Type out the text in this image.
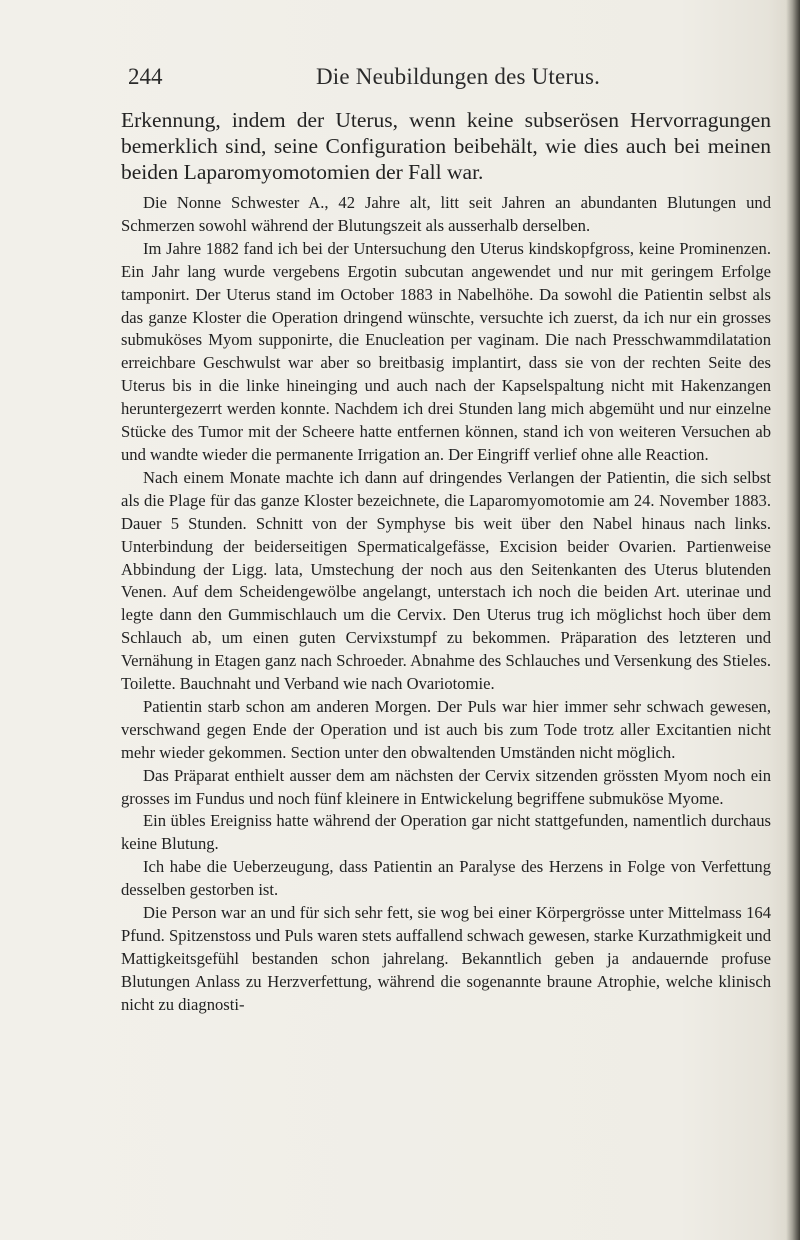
244	Die Neubildungen des Uterus.

Erkennung, indem der Uterus, wenn keine subserösen Hervorragungen bemerklich sind, seine Configuration beibehält, wie dies auch bei meinen beiden Laparomyomotomien der Fall war.

Die Nonne Schwester A., 42 Jahre alt, litt seit Jahren an abundanten Blutungen und Schmerzen sowohl während der Blutungszeit als ausserhalb derselben.

Im Jahre 1882 fand ich bei der Untersuchung den Uterus kindskopfgross, keine Prominenzen. Ein Jahr lang wurde vergebens Ergotin subcutan angewendet und nur mit geringem Erfolge tamponirt. Der Uterus stand im October 1883 in Nabelhöhe. Da sowohl die Patientin selbst als das ganze Kloster die Operation dringend wünschte, versuchte ich zuerst, da ich nur ein grosses submuköses Myom supponirte, die Enucleation per vaginam. Die nach Presschwammdilatation erreichbare Geschwulst war aber so breitbasig implantirt, dass sie von der rechten Seite des Uterus bis in die linke hineinging und auch nach der Kapselspaltung nicht mit Hakenzangen heruntergezerrt werden konnte. Nachdem ich drei Stunden lang mich abgemüht und nur einzelne Stücke des Tumor mit der Scheere hatte entfernen können, stand ich von weiteren Versuchen ab und wandte wieder die permanente Irrigation an. Der Eingriff verlief ohne alle Reaction.

Nach einem Monate machte ich dann auf dringendes Verlangen der Patientin, die sich selbst als die Plage für das ganze Kloster bezeichnete, die Laparomyomotomie am 24. November 1883. Dauer 5 Stunden. Schnitt von der Symphyse bis weit über den Nabel hinaus nach links. Unterbindung der beiderseitigen Spermaticalgefässe, Excision beider Ovarien. Partienweise Abbindung der Ligg. lata, Umstechung der noch aus den Seitenkanten des Uterus blutenden Venen. Auf dem Scheidengewölbe angelangt, unterstach ich noch die beiden Art. uterinae und legte dann den Gummischlauch um die Cervix. Den Uterus trug ich möglichst hoch über dem Schlauch ab, um einen guten Cervixstumpf zu bekommen. Präparation des letzteren und Vernähung in Etagen ganz nach Schroeder. Abnahme des Schlauches und Versenkung des Stieles. Toilette. Bauchnaht und Verband wie nach Ovariotomie.

Patientin starb schon am anderen Morgen. Der Puls war hier immer sehr schwach gewesen, verschwand gegen Ende der Operation und ist auch bis zum Tode trotz aller Excitantien nicht mehr wieder gekommen. Section unter den obwaltenden Umständen nicht möglich.

Das Präparat enthielt ausser dem am nächsten der Cervix sitzenden grössten Myom noch ein grosses im Fundus und noch fünf kleinere in Entwickelung begriffene submuköse Myome.

Ein übles Ereigniss hatte während der Operation gar nicht stattgefunden, namentlich durchaus keine Blutung.

Ich habe die Ueberzeugung, dass Patientin an Paralyse des Herzens in Folge von Verfettung desselben gestorben ist.

Die Person war an und für sich sehr fett, sie wog bei einer Körpergrösse unter Mittelmass 164 Pfund. Spitzenstoss und Puls waren stets auffallend schwach gewesen, starke Kurzathmigkeit und Mattigkeitsgefühl bestanden schon jahrelang. Bekanntlich geben ja andauernde profuse Blutungen Anlass zu Herzverfettung, während die sogenannte braune Atrophie, welche klinisch nicht zu diagnosti-
